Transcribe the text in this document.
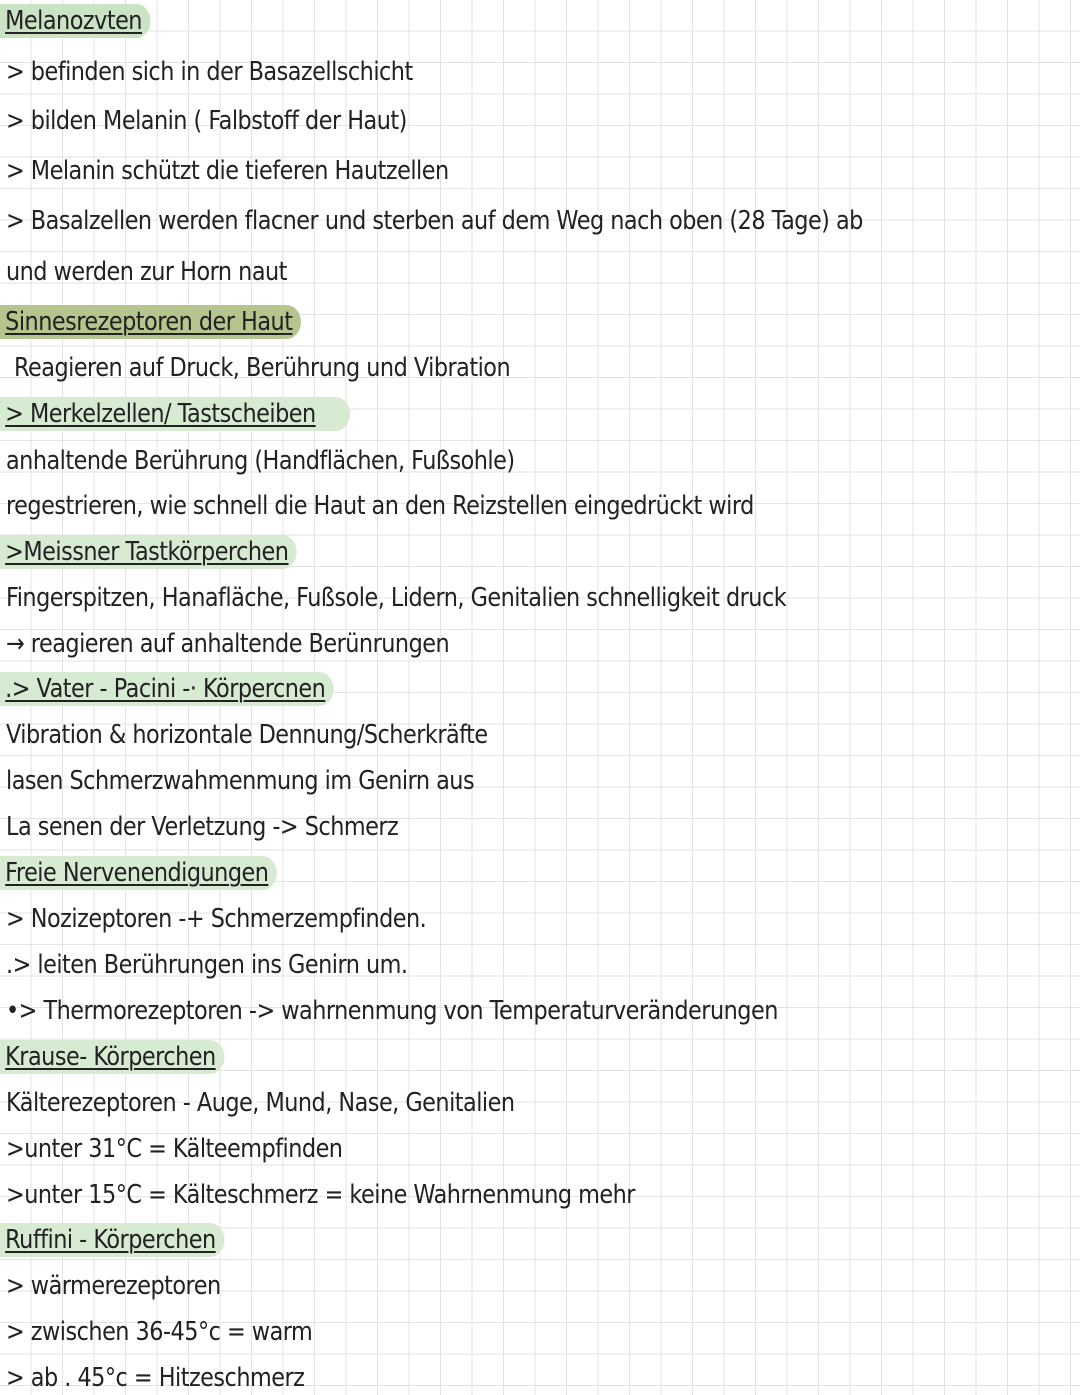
Melanozvten
> befinden sich in der Basazellschicht
> bilden Melanin ( Falbstoff der Haut)
> Melanin schützt die tieferen Hautzellen
> Basalzellen werden flacner und sterben auf dem Weg nach oben (28 Tage) ab
und werden zur Horn naut
Sinnesrezeptoren der Haut
Reagieren auf Druck, Berührung und Vibration
> Merkelzellen/ Tastscheiben
anhaltende Berührung (Handflächen, Fußsohle)
regestrieren, wie schnell die Haut an den Reizstellen eingedrückt wird
>Meissner Tastkörperchen
Fingerspitzen, Hanafläche, Fußsole, Lidern, Genitalien schnelligkeit druck
→ reagieren auf anhaltende Berünrungen
.> Vater - Pacini -· Körpercnen
Vibration & horizontale Dennung/Scherkräfte
lasen Schmerzwahmenmung im Genirn aus
La senen der Verletzung -> Schmerz
Freie Nervenendigungen
> Nozizeptoren -+ Schmerzempfinden.
.> leiten Berührungen ins Genirn um.
•> Thermorezeptoren -> wahrnenmung von Temperaturveränderungen
Krause- Körperchen
Kälterezeptoren - Auge, Mund, Nase, Genitalien
>unter 31°C = Kälteempfinden
>unter 15°C = Kälteschmerz = keine Wahrnenmung mehr
Ruffini - Körperchen
> wärmerezeptoren
> zwischen 36-45°c = warm
> ab . 45°c = Hitzeschmerz
